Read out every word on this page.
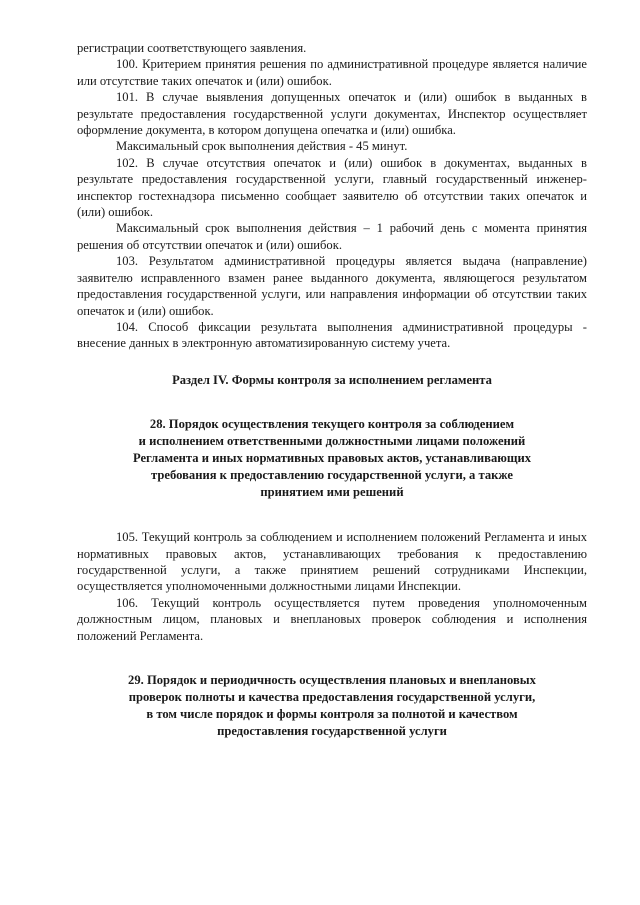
регистрации соответствующего заявления.

100. Критерием принятия решения по административной процедуре является наличие или отсутствие таких опечаток и (или) ошибок.

101. В случае выявления допущенных опечаток и (или) ошибок в выданных в результате предоставления государственной услуги документах, Инспектор осуществляет оформление документа, в котором допущена опечатка и (или) ошибка.

Максимальный срок выполнения действия - 45 минут.

102. В случае отсутствия опечаток и (или) ошибок в документах, выданных в результате предоставления государственной услуги, главный государственный инженер-инспектор гостехнадзора письменно сообщает заявителю об отсутствии таких опечаток и (или) ошибок.

Максимальный срок выполнения действия – 1 рабочий день с момента принятия решения об отсутствии опечаток и (или) ошибок.

103. Результатом административной процедуры является выдача (направление) заявителю исправленного взамен ранее выданного документа, являющегося результатом предоставления государственной услуги, или направления информации об отсутствии таких опечаток и (или) ошибок.

104. Способ фиксации результата выполнения административной процедуры - внесение данных в электронную автоматизированную систему учета.

Раздел IV. Формы контроля за исполнением регламента
28. Порядок осуществления текущего контроля за соблюдением
и исполнением ответственными должностными лицами положений
Регламента и иных нормативных правовых актов, устанавливающих
требования к предоставлению государственной услуги, а также
принятием ими решений

105. Текущий контроль за соблюдением и исполнением положений Регламента и иных нормативных правовых актов, устанавливающих требования к предоставлению государственной услуги, а также принятием решений сотрудниками Инспекции, осуществляется уполномоченными должностными лицами Инспекции.

106. Текущий контроль осуществляется путем проведения уполномоченным должностным лицом, плановых и внеплановых проверок соблюдения и исполнения положений Регламента.

29. Порядок и периодичность осуществления плановых и внеплановых
проверок полноты и качества предоставления государственной услуги,
в том числе порядок и формы контроля за полнотой и качеством
предоставления государственной услуги
